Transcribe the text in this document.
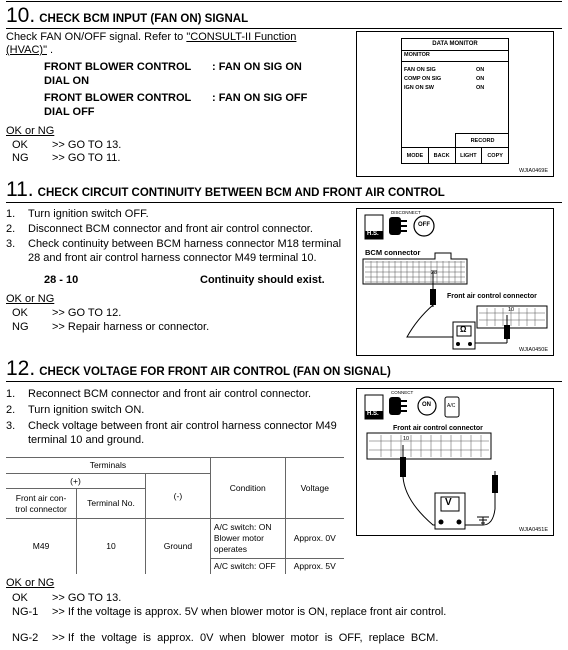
10. CHECK BCM INPUT (FAN ON) SIGNAL
Check FAN ON/OFF signal. Refer to "CONSULT-II Function
(HVAC)" .
FRONT BLOWER CONTROL : FAN ON SIG ON
DIAL ON
FRONT BLOWER CONTROL : FAN ON SIG OFF
DIAL OFF
OK or NG
OK >> GO TO 13.
NG >> GO TO 11.
DATA MONITOR
MONITOR
FAN ON SIG	ON
COMP ON SIG	ON
IGN ON SW	ON
RECORD
MODE	BACK	LIGHT	COPY
WJIA0469E
11. CHECK CIRCUIT CONTINUITY BETWEEN BCM AND FRONT AIR CONTROL
1. Turn ignition switch OFF.
2. Disconnect BCM connector and front air control connector.
3. Check continuity between BCM harness connector M18 terminal
28 and front air control harness connector M49 terminal 10.
28 - 10	Continuity should exist.
OK or NG
OK >> GO TO 12.
NG >> Repair harness or connector.
H.S.
DISCONNECT
OFF
BCM connector
28
Front air control connector
10
Ω
WJIA0450E
12. CHECK VOLTAGE FOR FRONT AIR CONTROL (FAN ON SIGNAL)
1. Reconnect BCM connector and front air control connector.
2. Turn ignition switch ON.
3. Check voltage between front air control harness connector M49
terminal 10 and ground.
Terminals			Condition	Voltage
(+)		(-)		
Front air con-
trol connector	Terminal No.			
M49	10	Ground	A/C switch: ON
Blower motor
operates	Approx. 0V
			A/C switch: OFF	Approx. 5V
OK or NG
OK >> GO TO 13.
NG-1 >> If the voltage is approx. 5V when blower motor is ON, replace front air control.
NG-2 >> If  the  voltage  is  approx.  0V  when  blower  motor  is  OFF,  replace  BCM.
H.S.
CONNECT
ON	A/C
Front air control connector
10
V
WJIA0451E
